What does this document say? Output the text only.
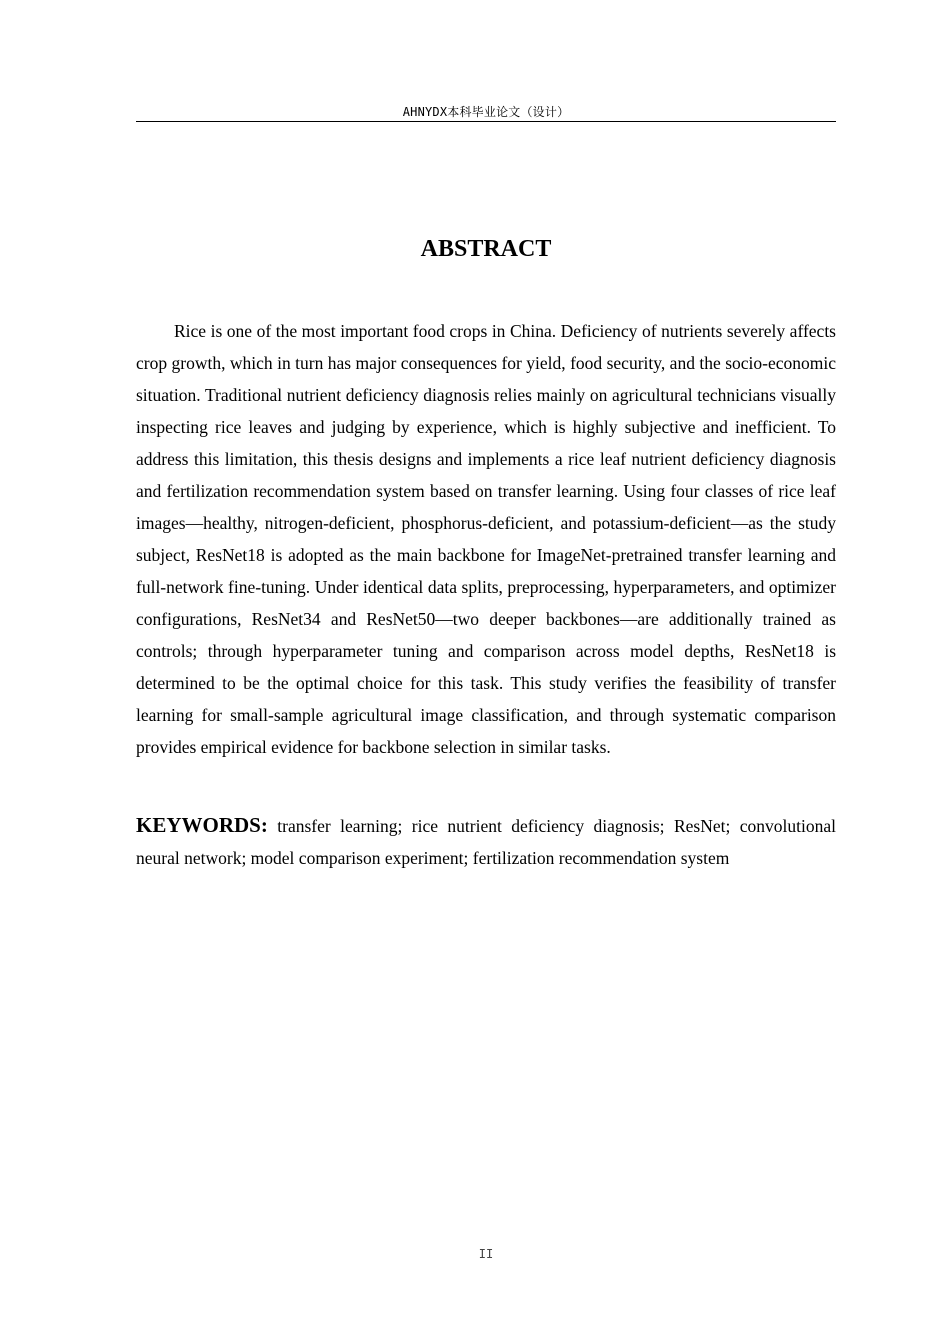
AHNYDX本科毕业论文（设计）
ABSTRACT

Rice is one of the most important food crops in China. Deficiency of nutrients severely affects crop growth, which in turn has major consequences for yield, food security, and the socio-economic situation. Traditional nutrient deficiency diagnosis relies mainly on agricultural technicians visually inspecting rice leaves and judging by experience, which is highly subjective and inefficient. To address this limitation, this thesis designs and implements a rice leaf nutrient deficiency diagnosis and fertilization recommendation system based on transfer learning. Using four classes of rice leaf images—healthy, nitrogen-deficient, phosphorus-deficient, and potassium-deficient—as the study subject, ResNet18 is adopted as the main backbone for ImageNet-pretrained transfer learning and full-network fine-tuning. Under identical data splits, preprocessing, hyperparameters, and optimizer configurations, ResNet34 and ResNet50—two deeper backbones—are additionally trained as controls; through hyperparameter tuning and comparison across model depths, ResNet18 is determined to be the optimal choice for this task. This study verifies the feasibility of transfer learning for small-sample agricultural image classification, and through systematic comparison provides empirical evidence for backbone selection in similar tasks.

KEYWORDS: transfer learning; rice nutrient deficiency diagnosis; ResNet; convolutional neural network; model comparison experiment; fertilization recommendation system

II
